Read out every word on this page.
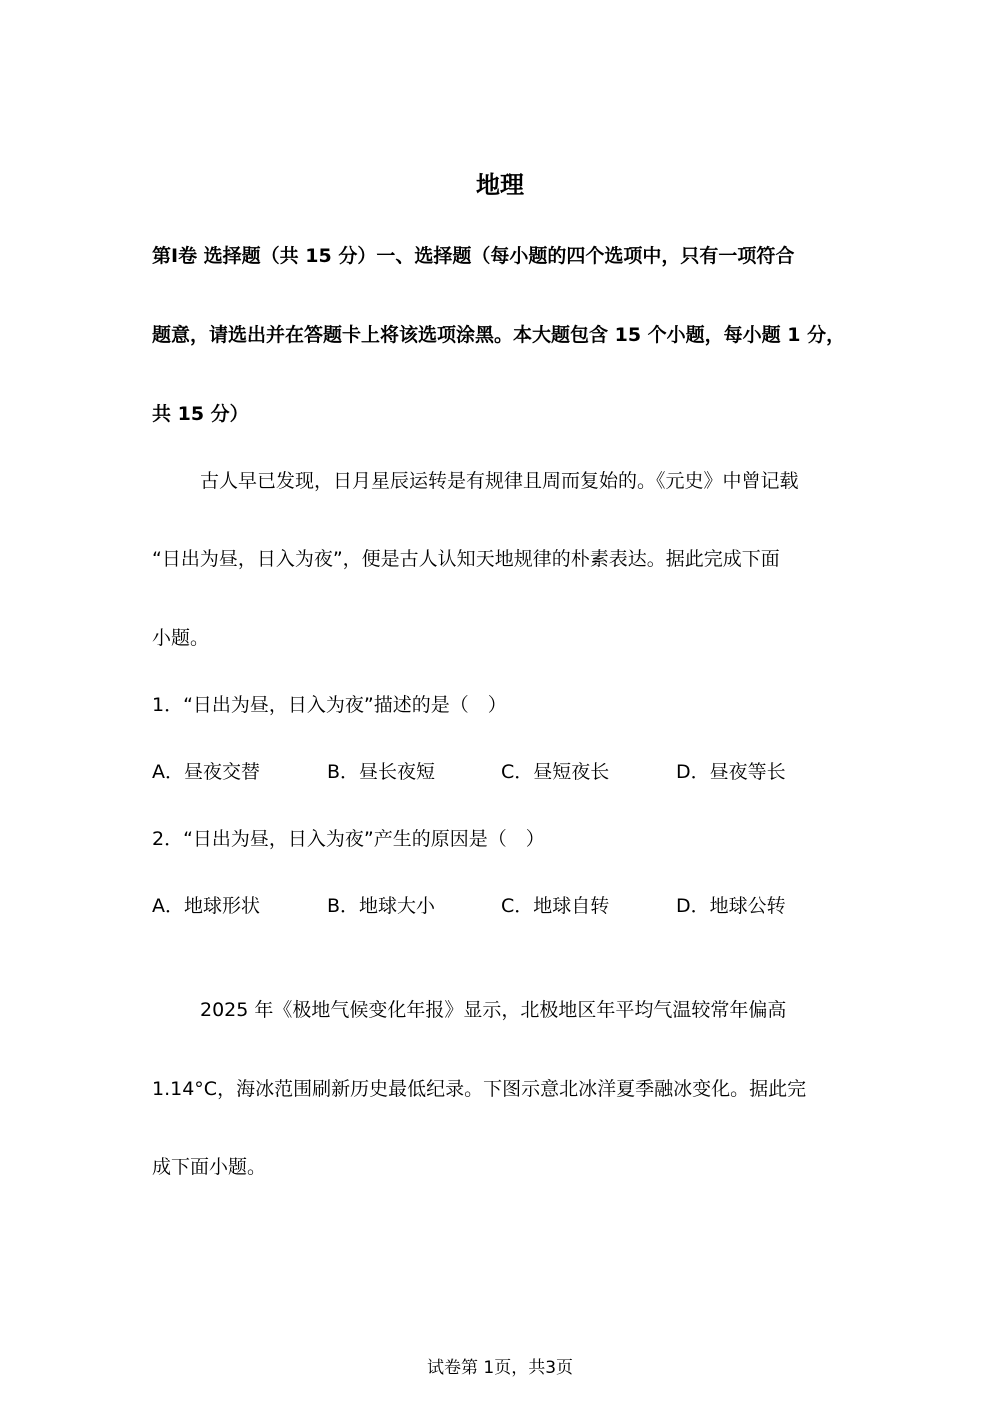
地理
第Ⅰ卷 选择题（共 15 分）一、选择题（每小题的四个选项中，只有一项符合
题意，请选出并在答题卡上将该选项涂黑。本大题包含 15 个小题，每小题 1 分，
共 15 分）
古人早已发现，日月星辰运转是有规律且周而复始的。《元史》中曾记载
“日出为昼，日入为夜”，便是古人认知天地规律的朴素表达。据此完成下面
小题。
1．“日出为昼，日入为夜”描述的是（　）
A．昼夜交替	B．昼长夜短	C．昼短夜长	D．昼夜等长
2．“日出为昼，日入为夜”产生的原因是（　）
A．地球形状	B．地球大小	C．地球自转	D．地球公转
2025 年《极地气候变化年报》显示，北极地区年平均气温较常年偏高
1.14°C，海冰范围刷新历史最低纪录。下图示意北冰洋夏季融冰变化。据此完
成下面小题。
试卷第 1页，共3页
